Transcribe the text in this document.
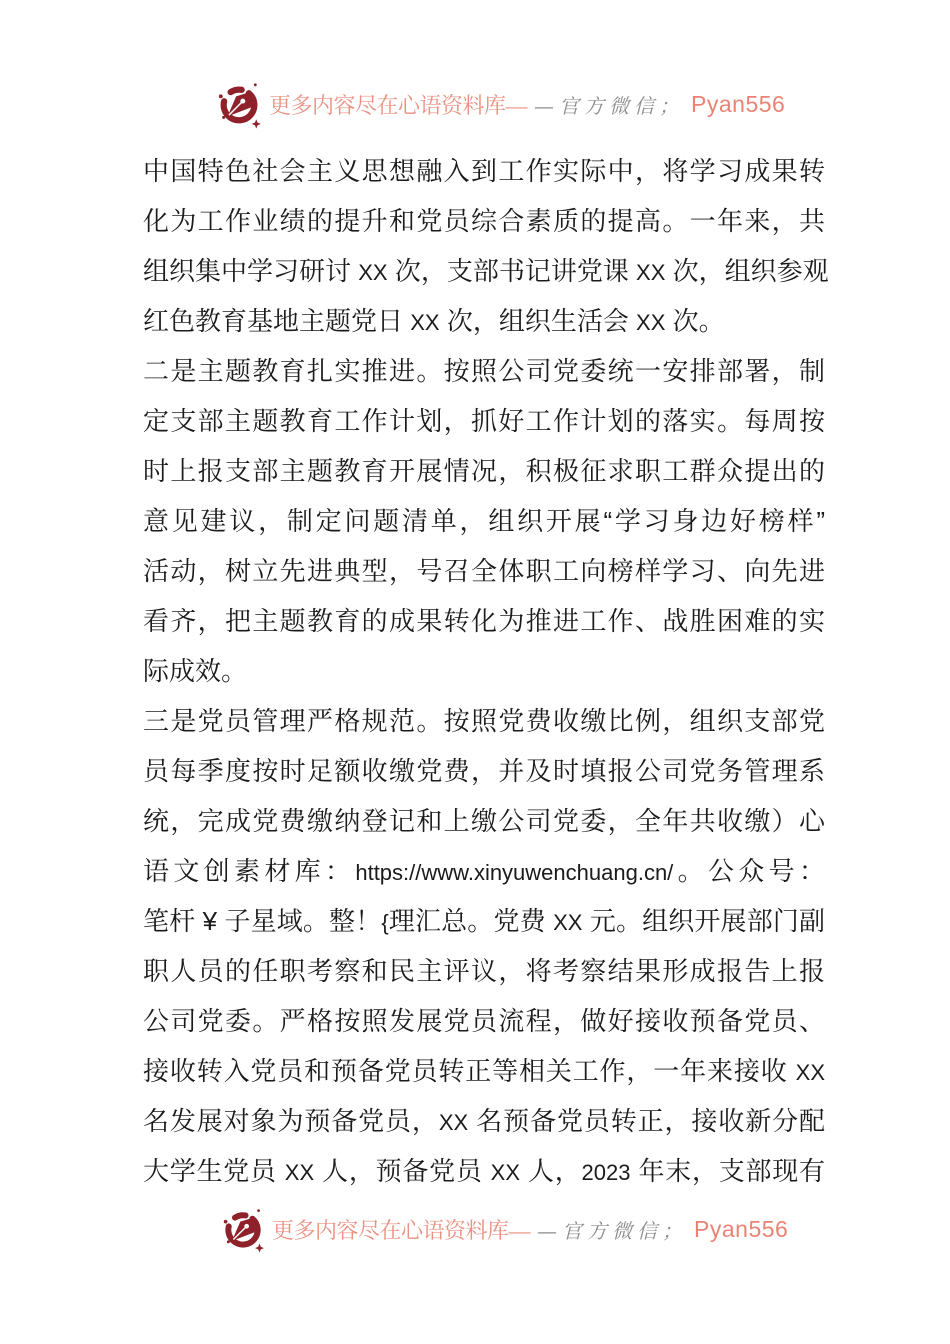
更多内容尽在心语资料库— —官方微信； Pyan556
中国特色社会主义思想融入到工作实际中，将学习成果转
化为工作业绩的提升和党员综合素质的提高。一年来，共
组织集中学习研讨 XX 次，支部书记讲党课 XX 次，组织参观
红色教育基地主题党日 XX 次，组织生活会 XX 次。
二是主题教育扎实推进。按照公司党委统一安排部署，制
定支部主题教育工作计划，抓好工作计划的落实。每周按
时上报支部主题教育开展情况，积极征求职工群众提出的
意见建议，制定问题清单，组织开展“学习身边好榜样”
活动，树立先进典型，号召全体职工向榜样学习、向先进
看齐，把主题教育的成果转化为推进工作、战胜困难的实
际成效。
三是党员管理严格规范。按照党费收缴比例，组织支部党
员每季度按时足额收缴党费，并及时填报公司党务管理系
统，完成党费缴纳登记和上缴公司党委，全年共收缴）心
语文创素材库：https://www.xinyuwenchuang.cn/。公众号：
笔杆 ¥ 子星域。整！{理汇总。党费 XX 元。组织开展部门副
职人员的任职考察和民主评议，将考察结果形成报告上报
公司党委。严格按照发展党员流程，做好接收预备党员、
接收转入党员和预备党员转正等相关工作，一年来接收 XX
名发展对象为预备党员，XX 名预备党员转正，接收新分配
大学生党员 XX 人，预备党员 XX 人，2023 年末，支部现有
更多内容尽在心语资料库— —官方微信； Pyan556
